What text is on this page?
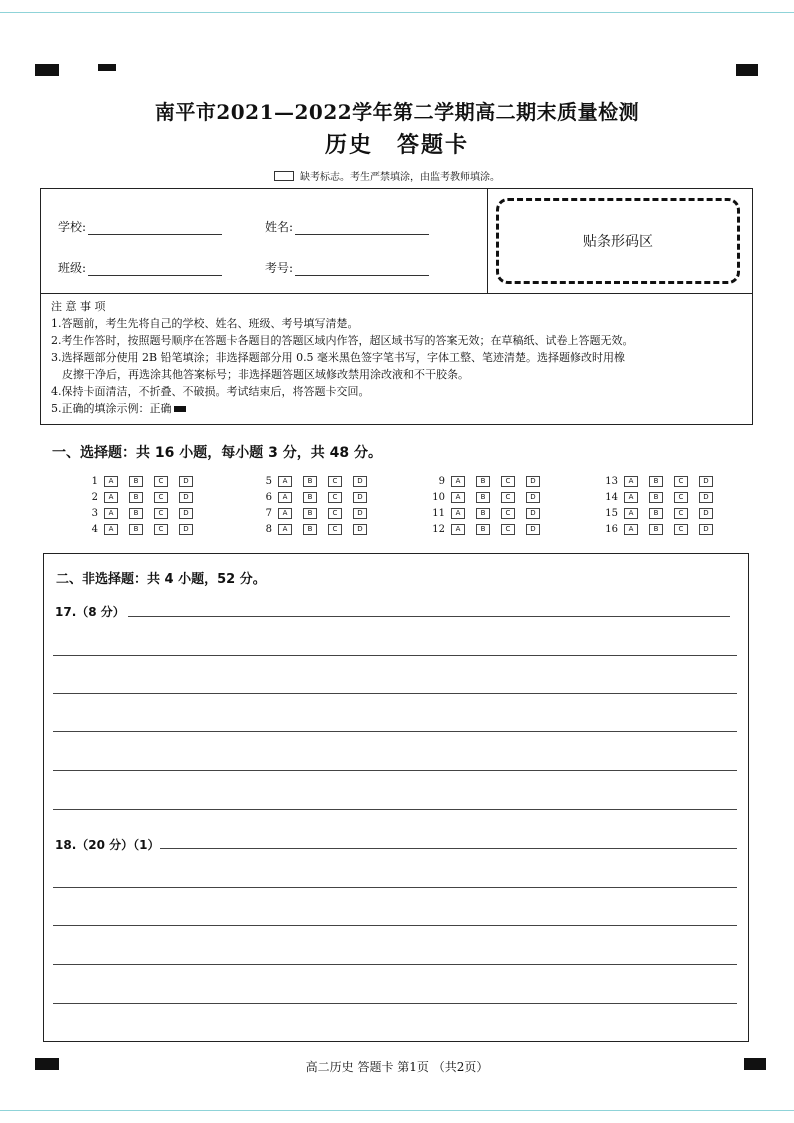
南平市2021—2022学年第二学期高二期末质量检测
历史　答题卡
缺考标志。考生严禁填涂，由监考教师填涂。
学校:	姓名:
班级:	考号:
贴条形码区
注 意 事 项
1.答题前，考生先将自己的学校、姓名、班级、考号填写清楚。
2.考生作答时，按照题号顺序在答题卡各题目的答题区域内作答，超区域书写的答案无效；在草稿纸、试卷上答题无效。
3.选择题部分使用 2B 铅笔填涂；非选择题部分用 0.5 毫米黑色签字笔书写，字体工整、笔迹清楚。选择题修改时用橡
　皮擦干净后，再选涂其他答案标号；非选择题答题区域修改禁用涂改液和不干胶条。
4.保持卡面清洁，不折叠、不破损。考试结束后，将答题卡交回。
5.正确的填涂示例：正确
一、选择题：共 16 小题，每小题 3 分，共 48 分。
1	A	B	C	D
2	A	B	C	D
3	A	B	C	D
4	A	B	C	D
5	A	B	C	D
6	A	B	C	D
7	A	B	C	D
8	A	B	C	D
9	A	B	C	D
10	A	B	C	D
11	A	B	C	D
12	A	B	C	D
13	A	B	C	D
14	A	B	C	D
15	A	B	C	D
16	A	B	C	D
二、非选择题：共 4 小题，52 分。
17.（8 分）
18.（20 分）（1）
高二历史 答题卡 第1页 （共2页）
